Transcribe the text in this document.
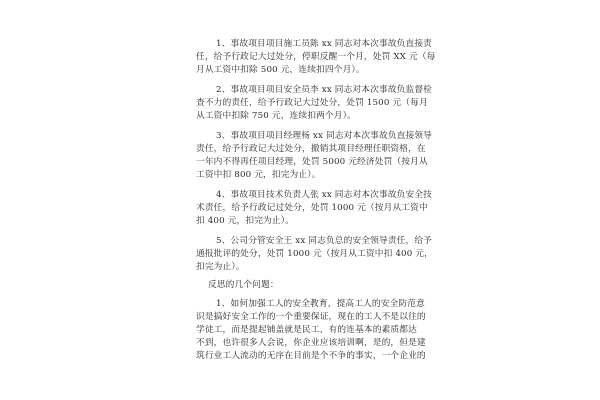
1、事故项目项目施工员陈 xx 同志对本次事故负直接责
任，给予行政记大过处分，停职反醒一个月，处罚 XX 元（每
月从工资中扣除 500 元，连续扣四个月）。
2、事故项目项目安全员李 xx 同志对本次事故负监督检
查不力的责任，给予行政记大过处分，处罚 1500 元（每月
从工资中扣除 750 元，连续扣两个月）。
3、事故项目项目经理杨 xx 同志对本次事故负直接领导
责任，给予行政记大过处分，撤销其项目经理任职资格，在
一年内不得再任项目经理，处罚 5000 元经济处罚（按月从
工资中扣 800 元，扣完为止）。
4、事故项目技术负责人张 xx 同志对本次事故负安全技
术责任，给予行政记过处分，处罚 1000 元（按月从工资中
扣 400 元，扣完为止）。
5、公司分管安全王 xx 同志负总的安全领导责任，给予
通报批评的处分，处罚 1000 元（按月从工资中扣 400 元，
扣完为止）。
反思的几个问题：
1、如何加强工人的安全教育，提高工人的安全防范意
识是搞好安全工作的一个重要保证，现在的工人不是以往的
学徒工，而是提起铺盖就是民工，有的连基本的素质都达
不到，也许很多人会说，你企业应该培训啊，是的，但是建
筑行业工人流动的无序在目前是个不争的事实，一个企业的
